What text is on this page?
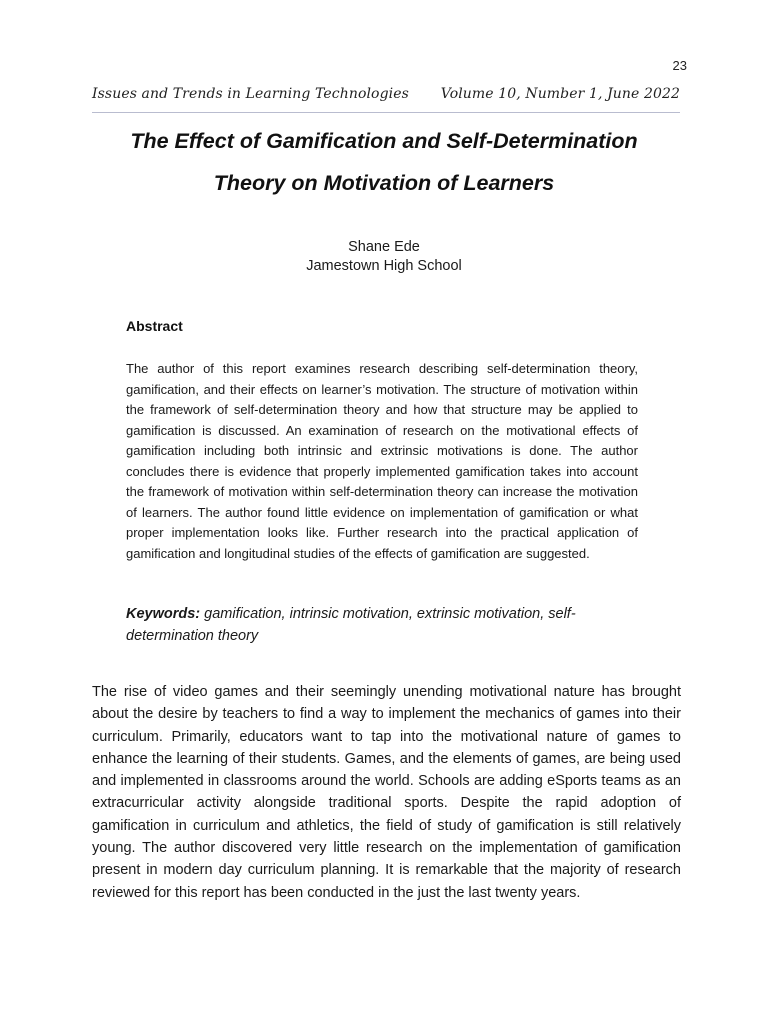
23
Issues and Trends in Learning Technologies Volume 10, Number 1, June 2022
The Effect of Gamification and Self-Determination
Theory on Motivation of Learners
Shane Ede
Jamestown High School
Abstract

The author of this report examines research describing self-determination theory, gamification, and their effects on learner’s motivation. The structure of motivation within the framework of self-determination theory and how that structure may be applied to gamification is discussed. An examination of research on the motivational effects of gamification including both intrinsic and extrinsic motivations is done. The author concludes there is evidence that properly implemented gamification takes into account the framework of motivation within self-determination theory can increase the motivation of learners. The author found little evidence on implementation of gamification or what proper implementation looks like. Further research into the practical application of gamification and longitudinal studies of the effects of gamification are suggested.

Keywords: gamification, intrinsic motivation, extrinsic motivation, self-determination theory

The rise of video games and their seemingly unending motivational nature has brought about the desire by teachers to find a way to implement the mechanics of games into their curriculum. Primarily, educators want to tap into the motivational nature of games to enhance the learning of their students. Games, and the elements of games, are being used and implemented in classrooms around the world. Schools are adding eSports teams as an extracurricular activity alongside traditional sports. Despite the rapid adoption of gamification in curriculum and athletics, the field of study of gamification is still relatively young. The author discovered very little research on the implementation of gamification present in modern day curriculum planning. It is remarkable that the majority of research reviewed for this report has been conducted in the just the last twenty years.
